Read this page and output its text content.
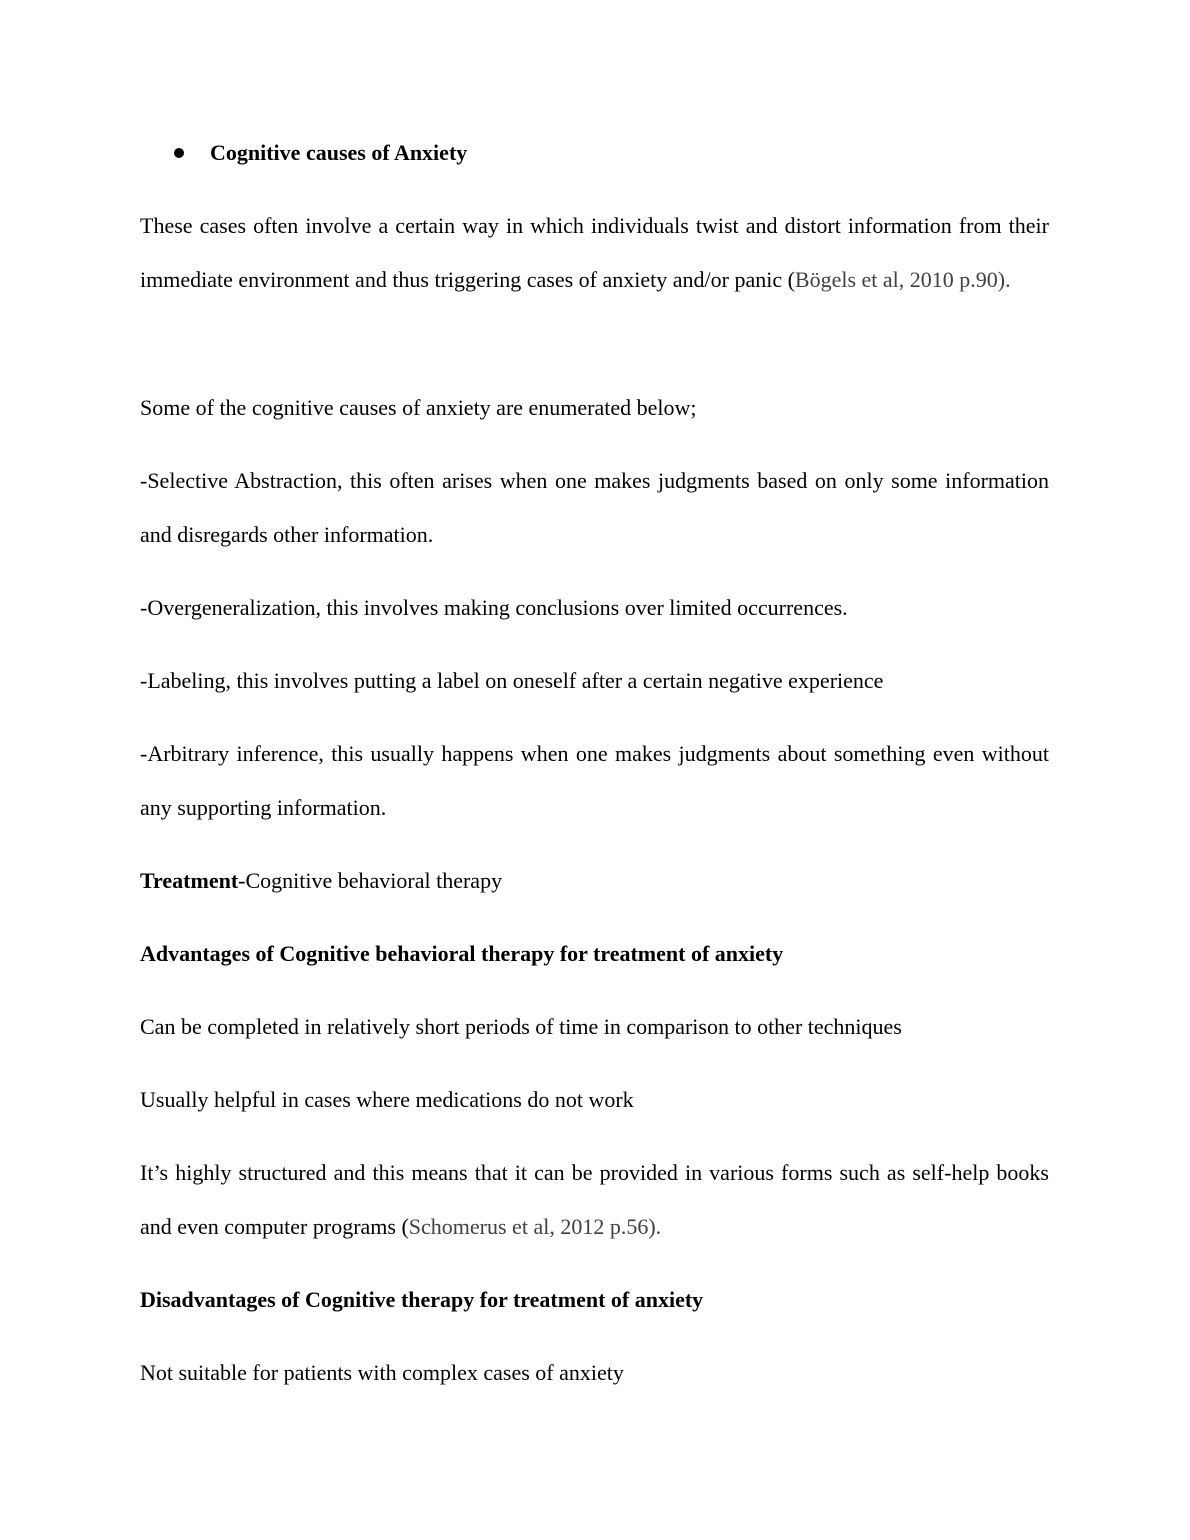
Cognitive causes of Anxiety

These cases often involve a certain way in which individuals twist and distort information from their immediate environment and thus triggering cases of anxiety and/or panic (Bögels et al, 2010 p.90).

Some of the cognitive causes of anxiety are enumerated below;

-Selective Abstraction, this often arises when one makes judgments based on only some information and disregards other information.

-Overgeneralization, this involves making conclusions over limited occurrences.

-Labeling, this involves putting a label on oneself after a certain negative experience

-Arbitrary inference, this usually happens when one makes judgments about something even without any supporting information.

Treatment-Cognitive behavioral therapy

Advantages of Cognitive behavioral therapy for treatment of anxiety

Can be completed in relatively short periods of time in comparison to other techniques

Usually helpful in cases where medications do not work

It’s highly structured and this means that it can be provided in various forms such as self-help books and even computer programs (Schomerus et al, 2012 p.56).

Disadvantages of Cognitive therapy for treatment of anxiety

Not suitable for patients with complex cases of anxiety
